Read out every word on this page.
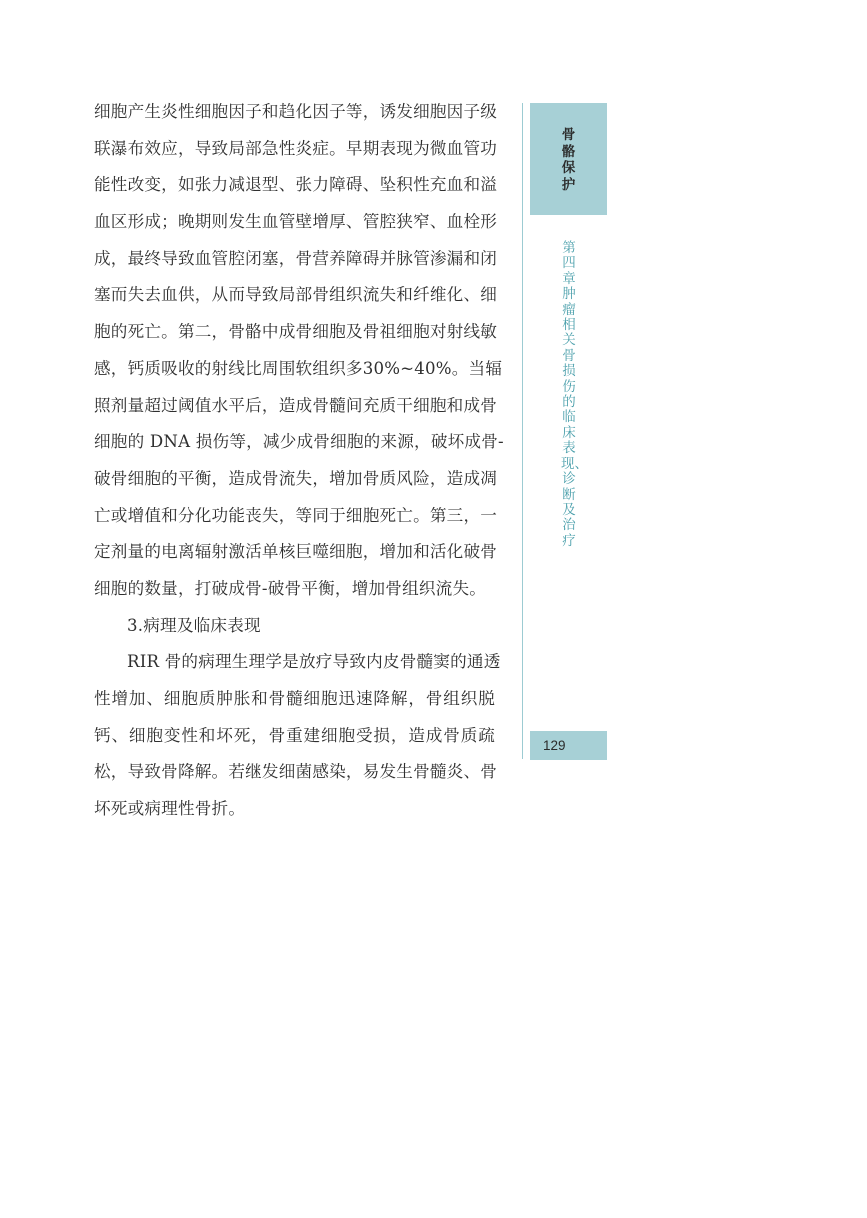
细胞产生炎性细胞因子和趋化因子等，诱发细胞因子级
联瀑布效应，导致局部急性炎症。早期表现为微血管功
能性改变，如张力减退型、张力障碍、坠积性充血和溢
血区形成；晚期则发生血管壁增厚、管腔狭窄、血栓形
成，最终导致血管腔闭塞，骨营养障碍并脉管渗漏和闭
塞而失去血供，从而导致局部骨组织流失和纤维化、细
胞的死亡。第二，骨骼中成骨细胞及骨祖细胞对射线敏
感，钙质吸收的射线比周围软组织多30%~40%。当辐
照剂量超过阈值水平后，造成骨髓间充质干细胞和成骨
细胞的 DNA 损伤等，减少成骨细胞的来源，破坏成骨-
破骨细胞的平衡，造成骨流失，增加骨质风险，造成凋
亡或增值和分化功能丧失，等同于细胞死亡。第三，一
定剂量的电离辐射激活单核巨噬细胞，增加和活化破骨
细胞的数量，打破成骨-破骨平衡，增加骨组织流失。
3.病理及临床表现
RIR 骨的病理生理学是放疗导致内皮骨髓窦的通透
性增加、细胞质肿胀和骨髓细胞迅速降解，骨组织脱
钙、细胞变性和坏死，骨重建细胞受损，造成骨质疏
松，导致骨降解。若继发细菌感染，易发生骨髓炎、骨
坏死或病理性骨折。
骨骼保护
第四章　肿瘤相关骨损伤的临床表现、诊断及治疗
129
